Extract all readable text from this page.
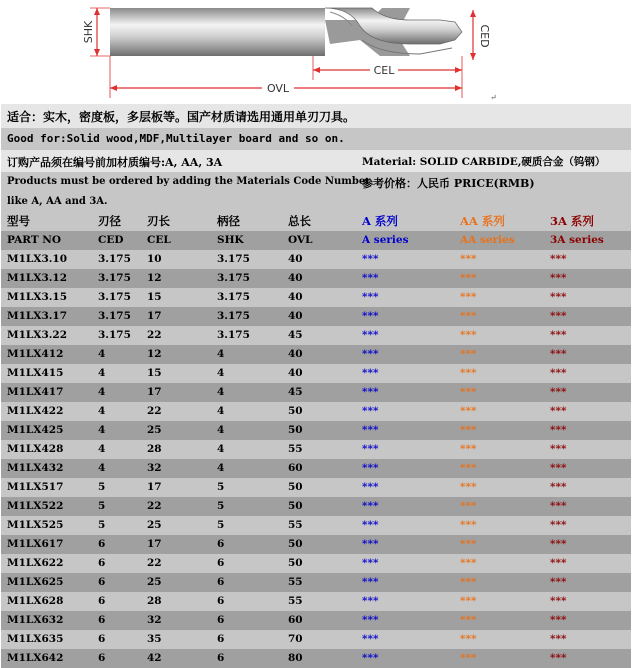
SHK	CED
CEL
OVL
↵
适合：实木，密度板，多层板等。国产材质请选用通用单刃刀具。
Good for:Solid wood,MDF,Multilayer board and so on.
订购产品须在编号前加材质编号:A, AA, 3A	Material: SOLID CARBIDE,硬质合金（钨钢）
Products must be ordered by adding the Materials Code Number
参考价格：人民币 PRICE(RMB)
like A, AA and 3A.
型号	刃径 刃长	柄径	总长	A 系列	AA 系列	3A 系列
PART NO	CED CEL	SHK	OVL	A series	AA series	3A series
M1LX3.10	3.175 10	3.175	40	***	***	***
M1LX3.12	3.175 12	3.175	40	***	***	***
M1LX3.15	3.175 15	3.175	40	***	***	***
M1LX3.17	3.175 17	3.175	40	***	***	***
M1LX3.22	3.175 22	3.175	45	***	***	***
M1LX412	4	12	4	40	***	***	***
M1LX415	4	15	4	40	***	***	***
M1LX417	4	17	4	45	***	***	***
M1LX422	4	22	4	50	***	***	***
M1LX425	4	25	4	50	***	***	***
M1LX428	4	28	4	55	***	***	***
M1LX432	4	32	4	60	***	***	***
M1LX517	5	17	5	50	***	***	***
M1LX522	5	22	5	50	***	***	***
M1LX525	5	25	5	55	***	***	***
M1LX617	6	17	6	50	***	***	***
M1LX622	6	22	6	50	***	***	***
M1LX625	6	25	6	55	***	***	***
M1LX628	6	28	6	55	***	***	***
M1LX632	6	32	6	60	***	***	***
M1LX635	6	35	6	70	***	***	***
M1LX642	6	42	6	80	***	***	***
